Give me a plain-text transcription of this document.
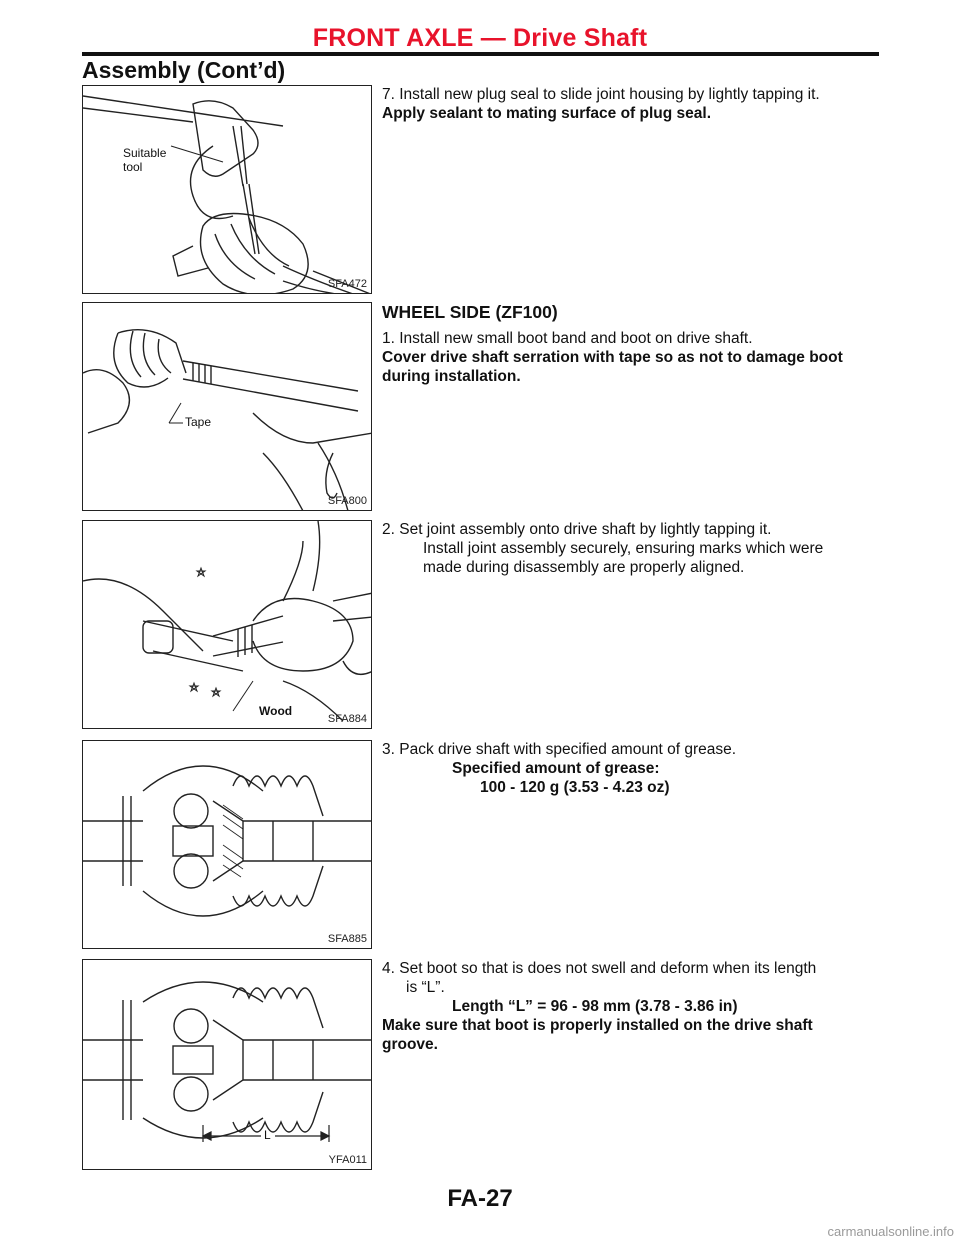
FRONT AXLE — Drive Shaft
Assembly (Cont’d)
Suitable
tool
SFA472

7. Install new plug seal to slide joint housing by lightly tapping it.

Apply sealant to mating surface of plug seal.

Tape
SFA800
WHEEL SIDE (ZF100)

1. Install new small boot band and boot on drive shaft.

Cover drive shaft serration with tape so as not to damage boot

during installation.

Wood
SFA884

2. Set joint assembly onto drive shaft by lightly tapping it.

Install joint assembly securely, ensuring marks which were

made during disassembly are properly aligned.

SFA885

3. Pack drive shaft with specified amount of grease.

Specified amount of grease:

100 - 120 g (3.53 - 4.23 oz)

L
YFA011

4. Set boot so that is does not swell and deform when its length

is “L”.

Length “L” = 96 - 98 mm (3.78 - 3.86 in)

Make sure that boot is properly installed on the drive shaft

groove.

FA-27
carmanualsonline.info
